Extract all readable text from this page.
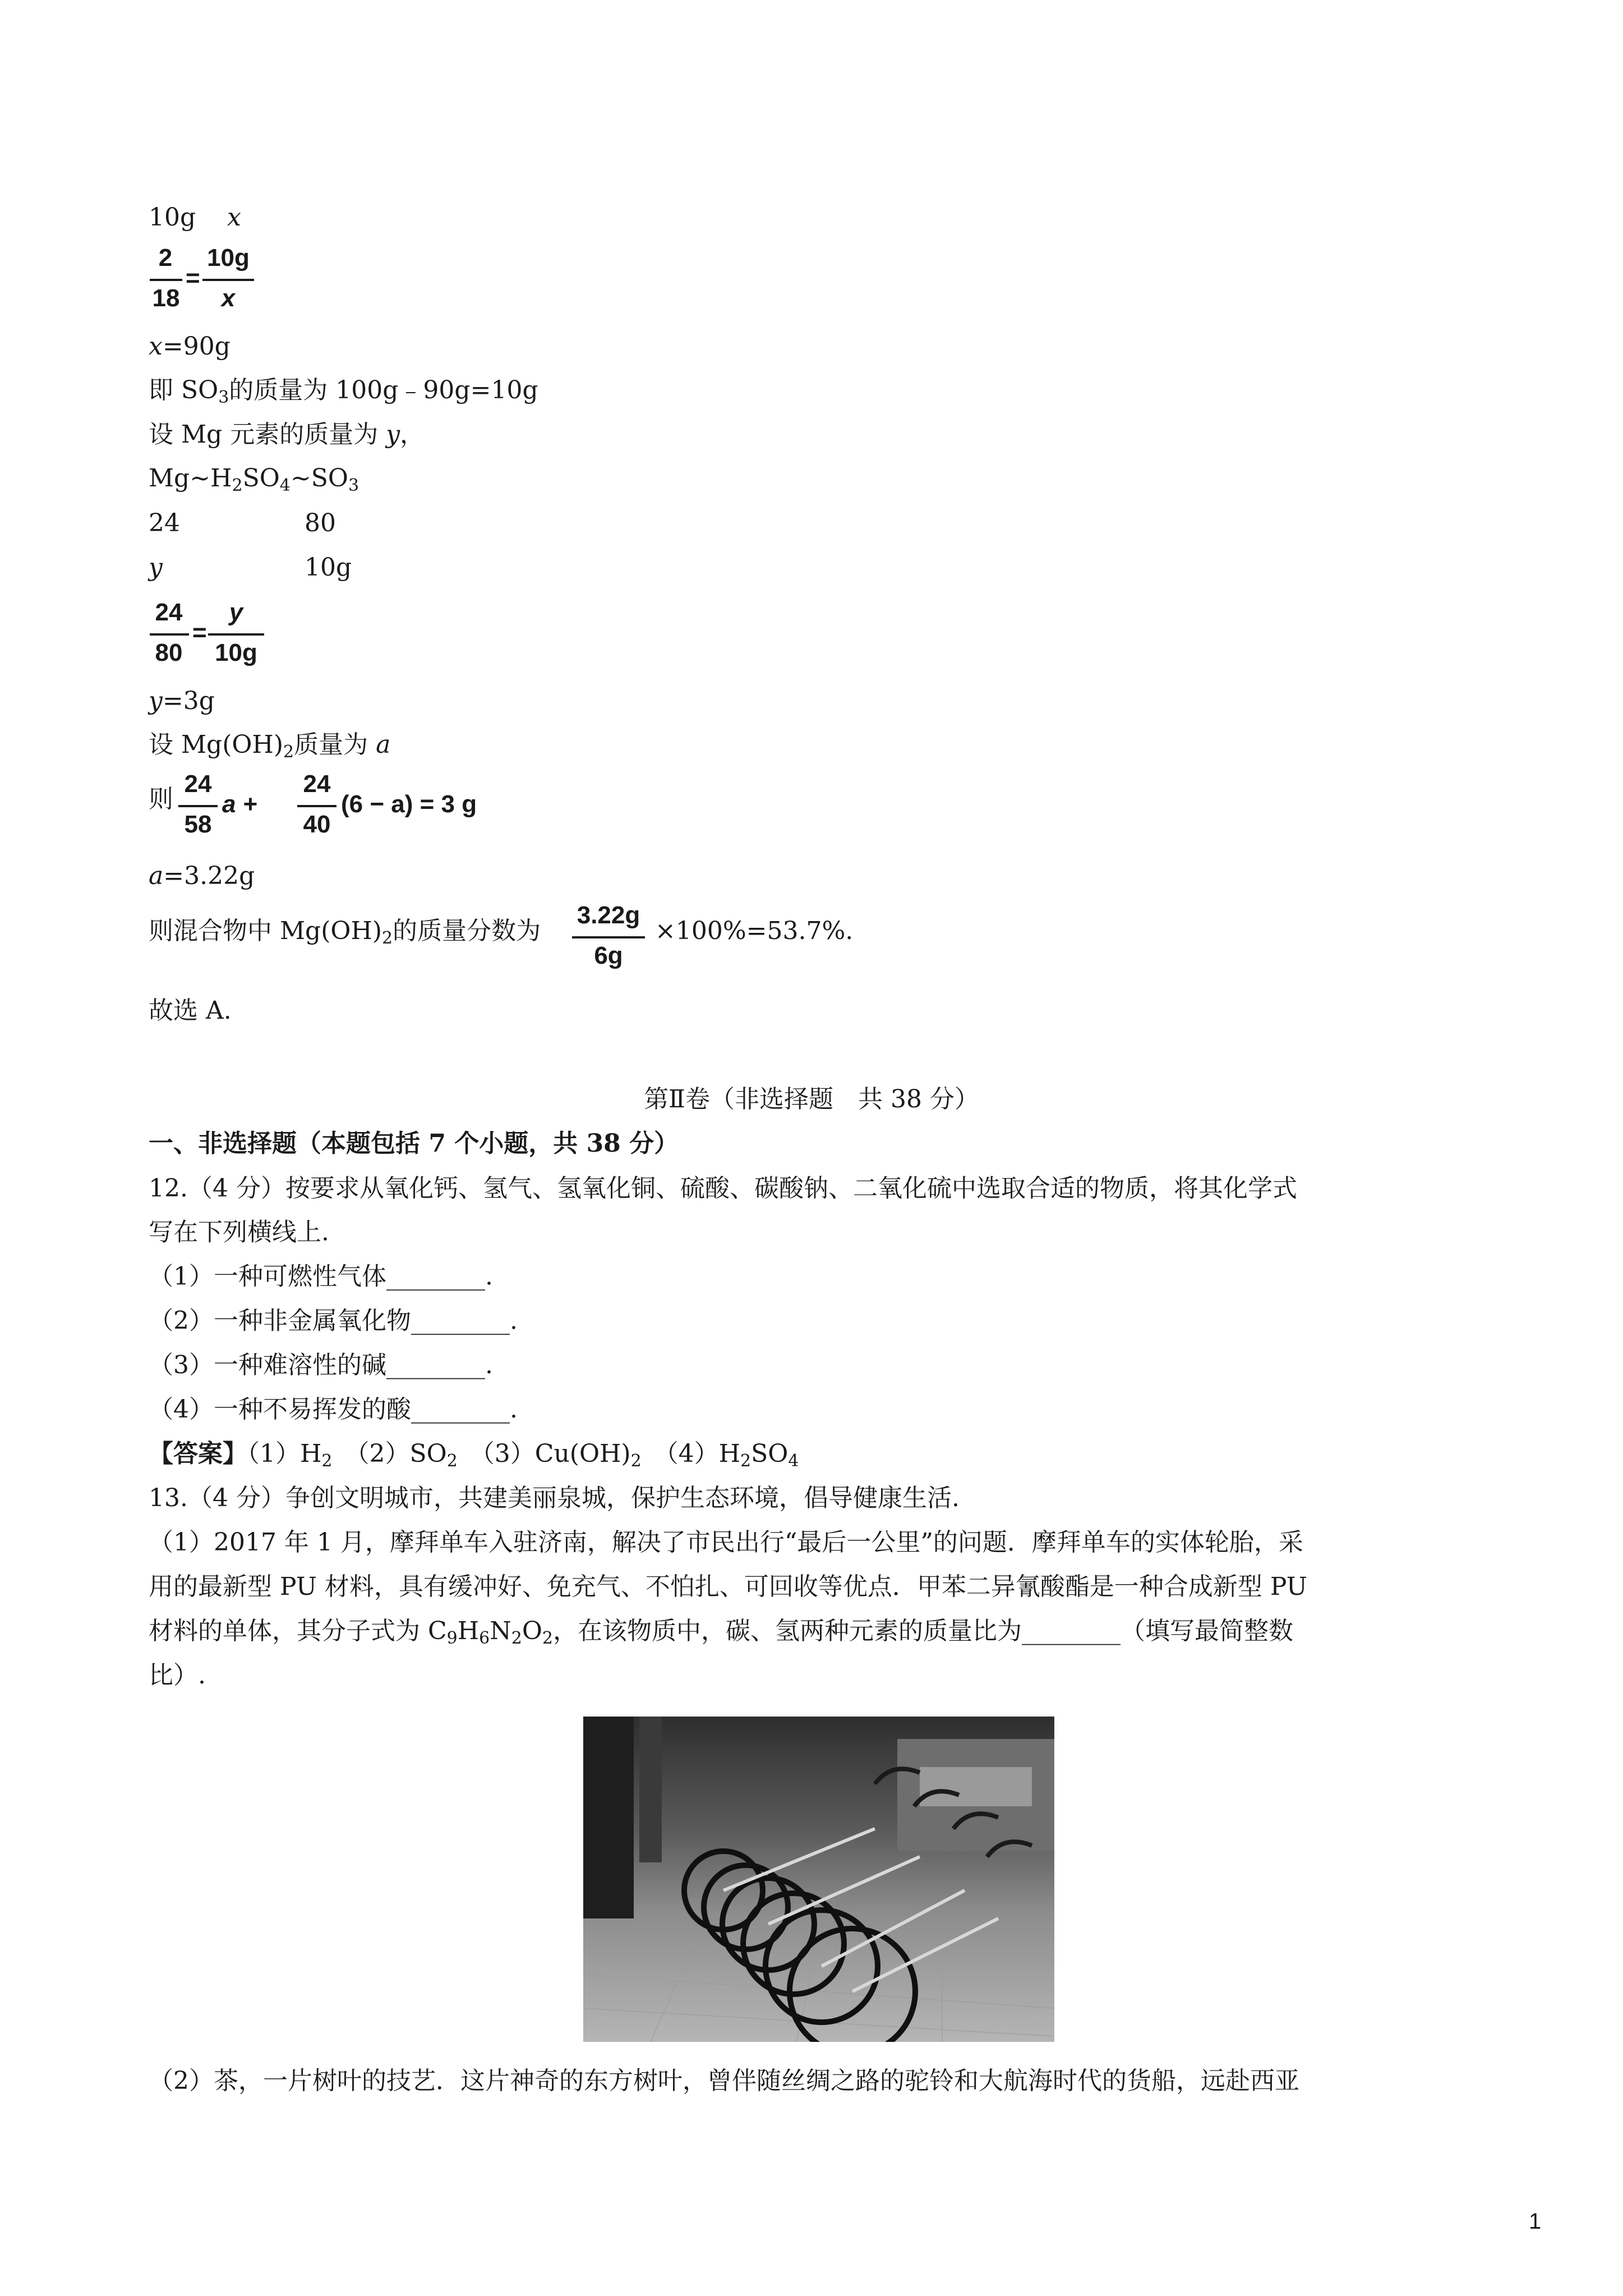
10g x
2
18
=
10g
x
x=90g
即 $SO_3$的质量为 100g﹣90g=10g
设 Mg 元素的质量为 y，
$Mg\sim H_2SO_4\sim SO_3$
24	80
y	10g
24
80
=
y
10g
y=3g
设 $Mg(OH)_2$质量为 a
则
24
58
a +
24
40
(6 − a) = 3 g
a=3.22g
则混合物中 $Mg(OH)_2$的质量分数为
3.22g
6g
×100%=53.7%.
故选 A.
第Ⅱ卷（非选择题　共 38 分）
一、非选择题（本题包括 7 个小题，共 38 分）
12.（4 分）按要求从氧化钙、氢气、氢氧化铜、硫酸、碳酸钠、二氧化硫中选取合适的物质，将其化学式
写在下列横线上.
（1）一种可燃性气体________.
（2）一种非金属氧化物________.
（3）一种难溶性的碱________.
（4）一种不易挥发的酸________.
【答案】$(1)H_2$　$(2)SO_2$　$(3)Cu(OH)_2$　$(4)H_2SO_4$
13.（4 分）争创文明城市，共建美丽泉城，保护生态环境，倡导健康生活.
（1）2017 年 1 月，摩拜单车入驻济南，解决了市民出行“最后一公里”的问题．摩拜单车的实体轮胎，采
用的最新型 PU 材料，具有缓冲好、免充气、不怕扎、可回收等优点．甲苯二异氰酸酯是一种合成新型 PU
材料的单体，其分子式为 $C_9H_6N_2O_2$，在该物质中，碳、氢两种元素的质量比为________（填写最简整数
比）.
（2）茶，一片树叶的技艺．这片神奇的东方树叶，曾伴随丝绸之路的驼铃和大航海时代的货船，远赴西亚
1
